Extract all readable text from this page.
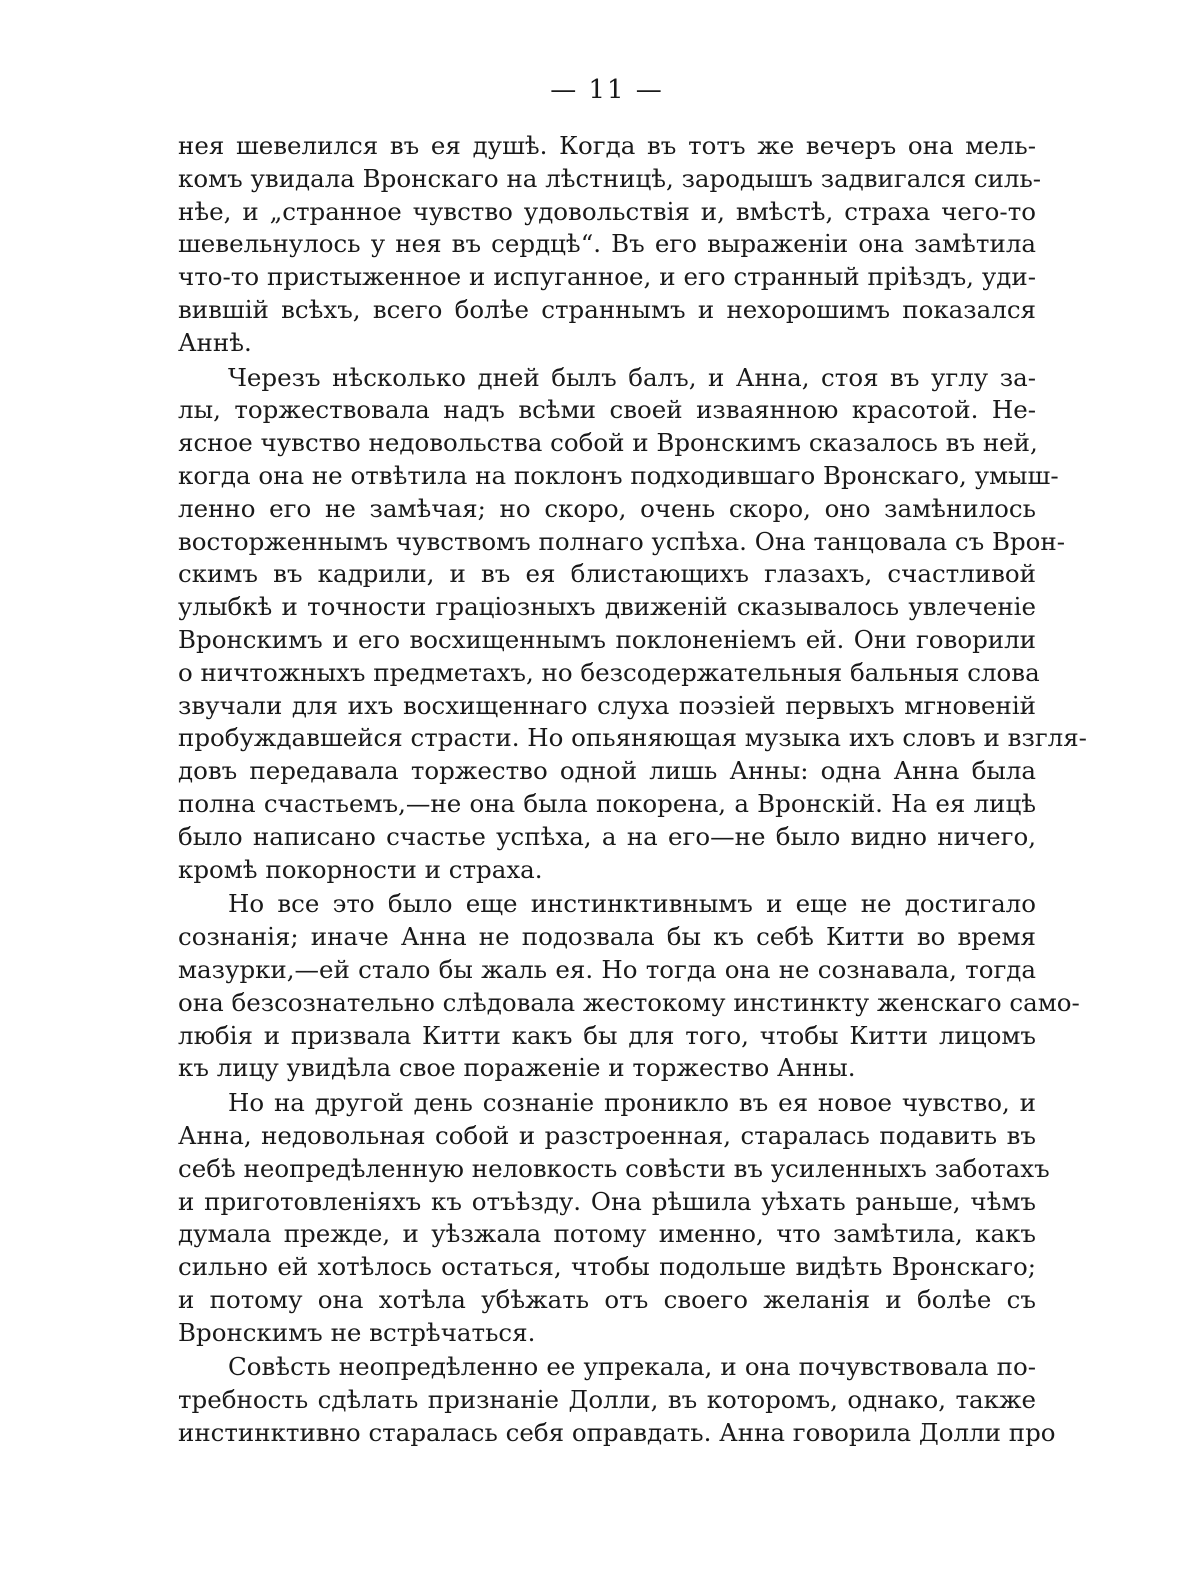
— 11 —

нея шевелился въ ея душѣ. Когда въ тотъ же вечеръ она мель-
комъ увидала Вронскаго на лѣстницѣ, зародышъ задвигался силь-
нѣе, и „странное чувство удовольствія и, вмѣстѣ, страха чего-то
шевельнулось у нея въ сердцѣ“. Въ его выраженіи она замѣтила
что-то пристыженное и испуганное, и его странный пріѣздъ, уди-
вившій всѣхъ, всего болѣе страннымъ и нехорошимъ показался
Аннѣ.

Черезъ нѣсколько дней былъ балъ, и Анна, стоя въ углу за-
лы, торжествовала надъ всѣми своей изваянною красотой. Не-
ясное чувство недовольства собой и Вронскимъ сказалось въ ней,
когда она не отвѣтила на поклонъ подходившаго Вронскаго, умыш-
ленно его не замѣчая; но скоро, очень скоро, оно замѣнилось
восторженнымъ чувствомъ полнаго успѣха. Она танцовала съ Врон-
скимъ въ кадрили, и въ ея блистающихъ глазахъ, счастливой
улыбкѣ и точности граціозныхъ движеній сказывалось увлеченіе
Вронскимъ и его восхищеннымъ поклоненіемъ ей. Они говорили
о ничтожныхъ предметахъ, но безсодержательныя бальныя слова
звучали для ихъ восхищеннаго слуха поэзіей первыхъ мгновеній
пробуждавшейся страсти. Но опьяняющая музыка ихъ словъ и взгля-
довъ передавала торжество одной лишь Анны: одна Анна была
полна счастьемъ,—не она была покорена, а Вронскій. На ея лицѣ
было написано счастье успѣха, а на его—не было видно ничего,
кромѣ покорности и страха.

Но все это было еще инстинктивнымъ и еще не достигало
сознанія; иначе Анна не подозвала бы къ себѣ Китти во время
мазурки,—ей стало бы жаль ея. Но тогда она не сознавала, тогда
она безсознательно слѣдовала жестокому инстинкту женскаго само-
любія и призвала Китти какъ бы для того, чтобы Китти лицомъ
къ лицу увидѣла свое пораженіе и торжество Анны.

Но на другой день сознаніе проникло въ ея новое чувство, и
Анна, недовольная собой и разстроенная, старалась подавить въ
себѣ неопредѣленную неловкость совѣсти въ усиленныхъ заботахъ
и приготовленіяхъ къ отъѣзду. Она рѣшила уѣхать раньше, чѣмъ
думала прежде, и уѣзжала потому именно, что замѣтила, какъ
сильно ей хотѣлось остаться, чтобы подольше видѣть Вронскаго;
и потому она хотѣла убѣжать отъ своего желанія и болѣе съ
Вронскимъ не встрѣчаться.

Совѣсть неопредѣленно ее упрекала, и она почувствовала по-
требность сдѣлать признаніе Долли, въ которомъ, однако, также
инстинктивно старалась себя оправдать. Анна говорила Долли про
